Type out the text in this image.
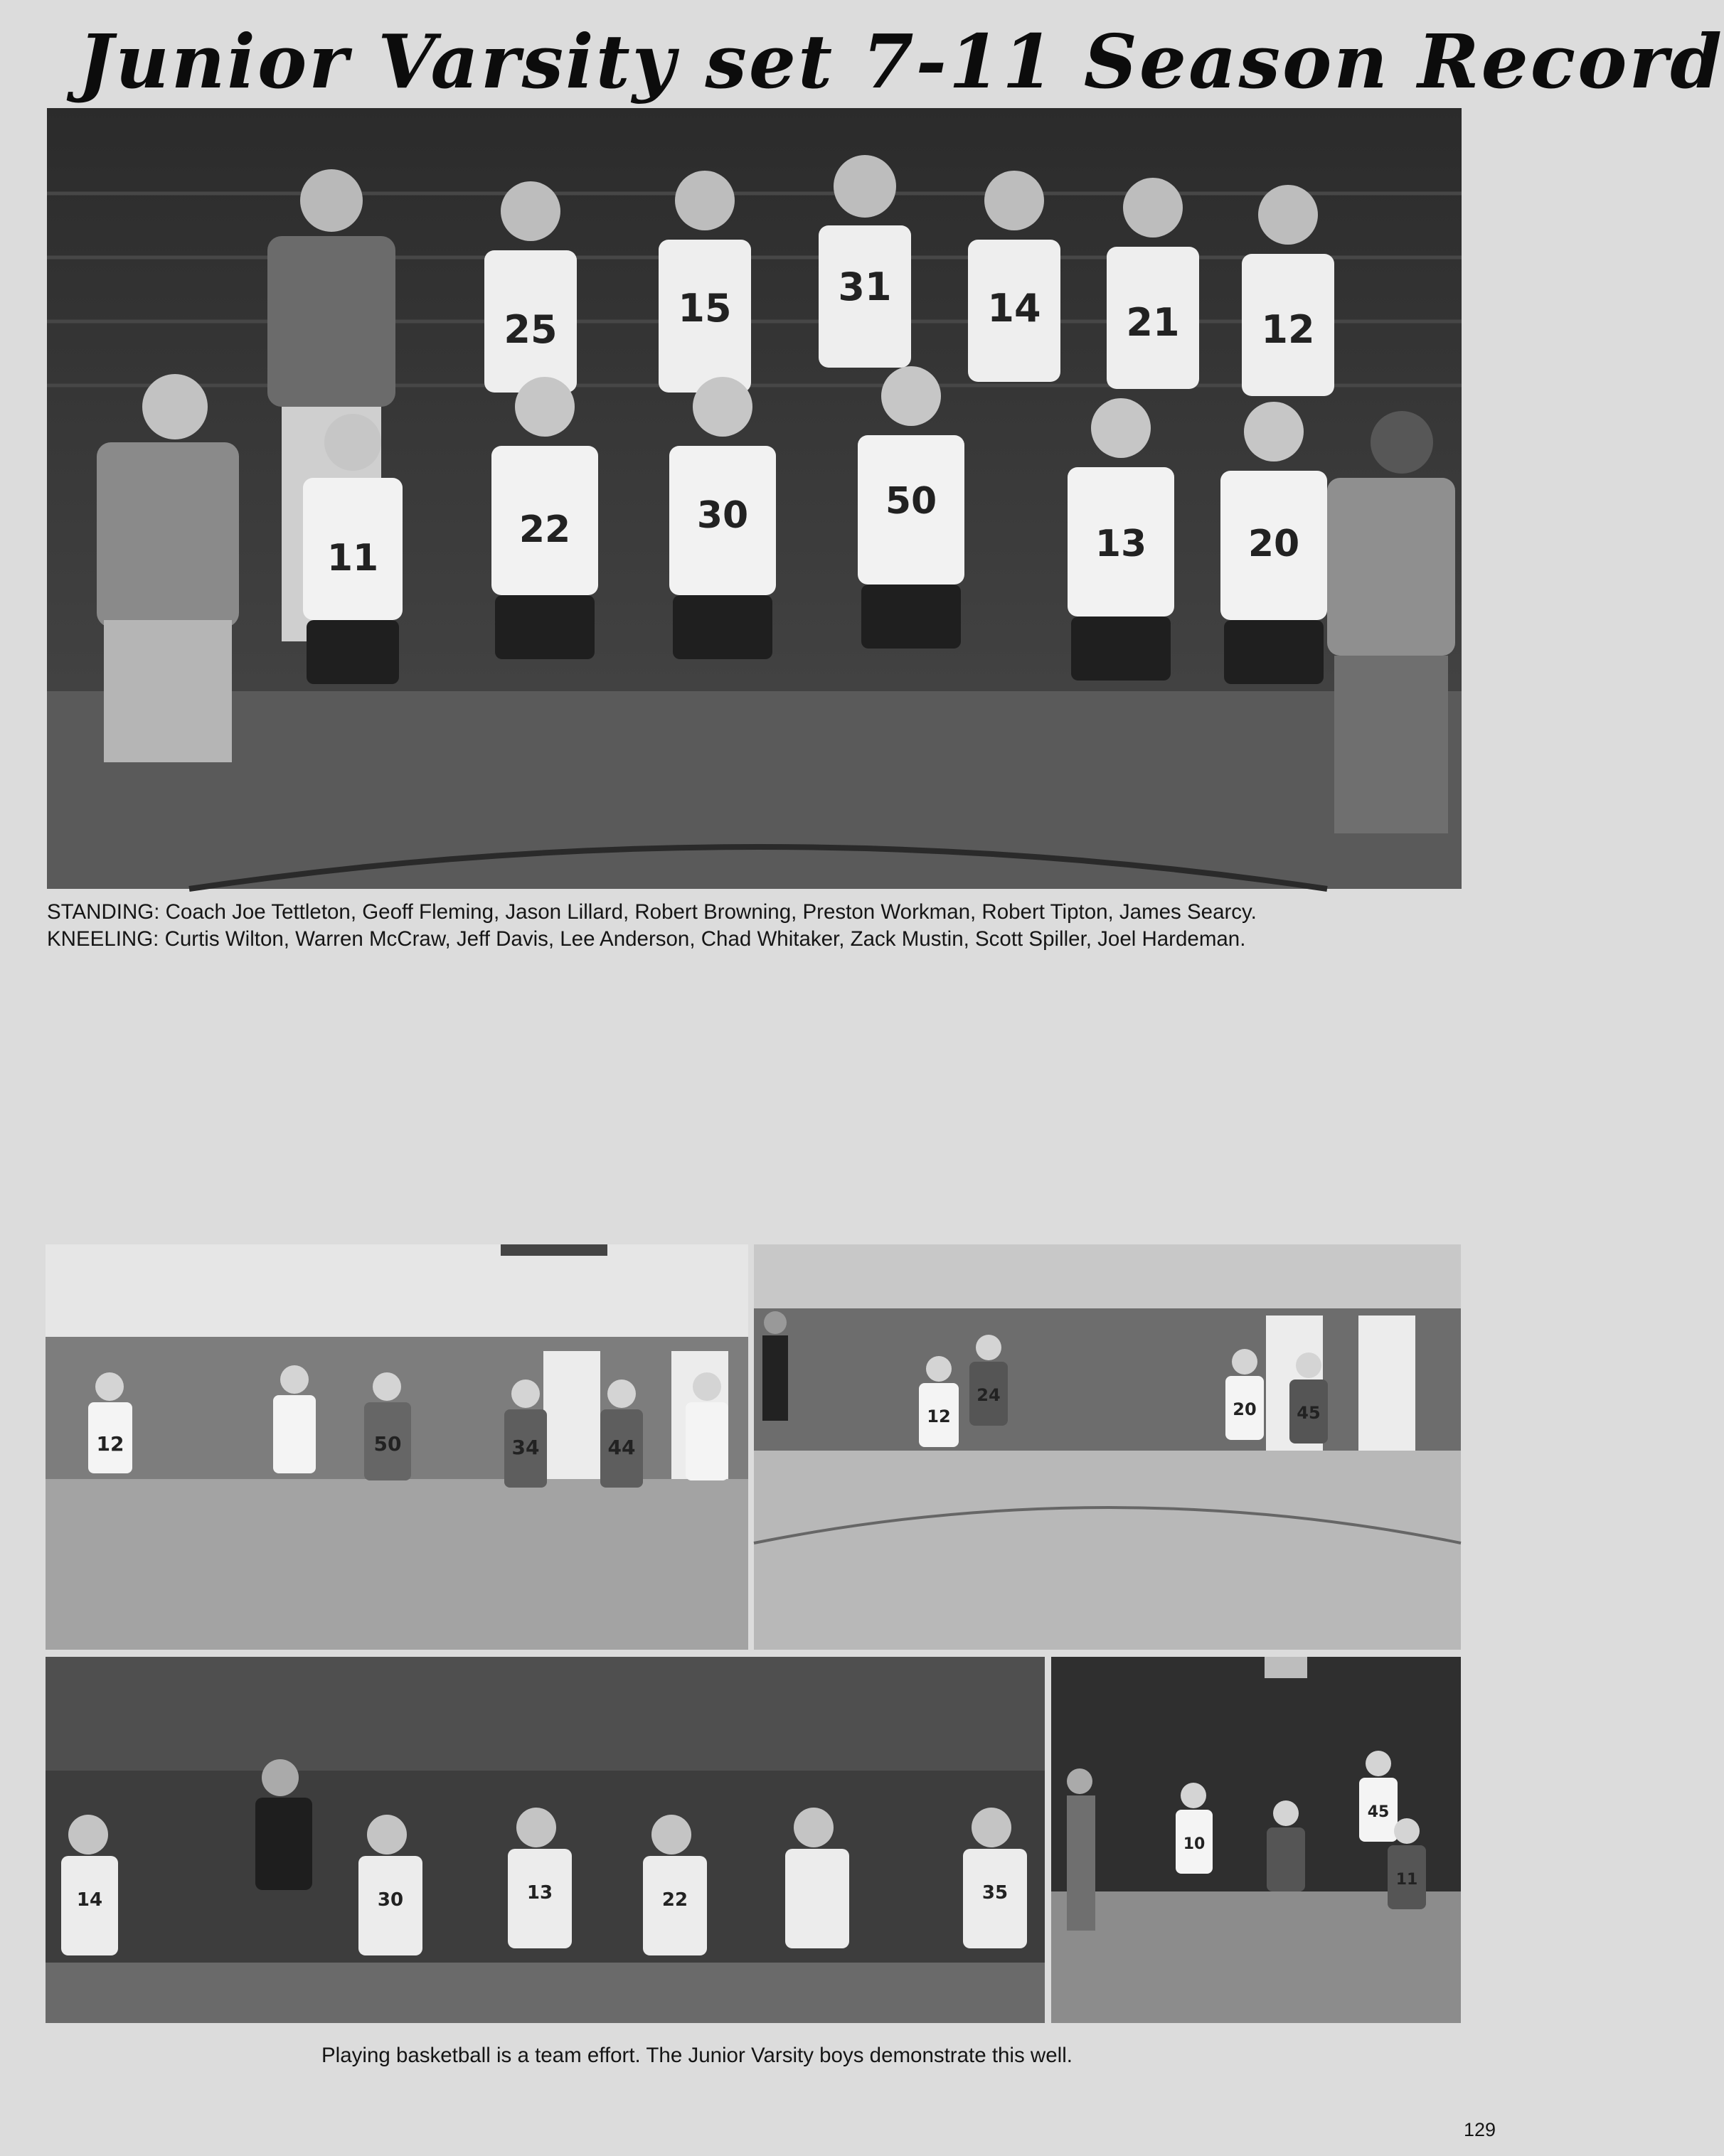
Junior Varsity set 7-11 Season Record
25	15	31 14 21 12
11
22	30	50
13	20

STANDING: Coach Joe Tettleton, Geoff Fleming, Jason Lillard, Robert Browning, Preston Workman, Robert Tipton, James Searcy.
KNEELING: Curtis Wilton, Warren McCraw, Jeff Davis, Lee Anderson, Chad Whitaker, Zack Mustin, Scott Spiller, Joel Hardeman.

12	50	34	44
12
24
20 45
14	30	13	22	35
10
45
11

Playing basketball is a team effort. The Junior Varsity boys demonstrate this well.

129
